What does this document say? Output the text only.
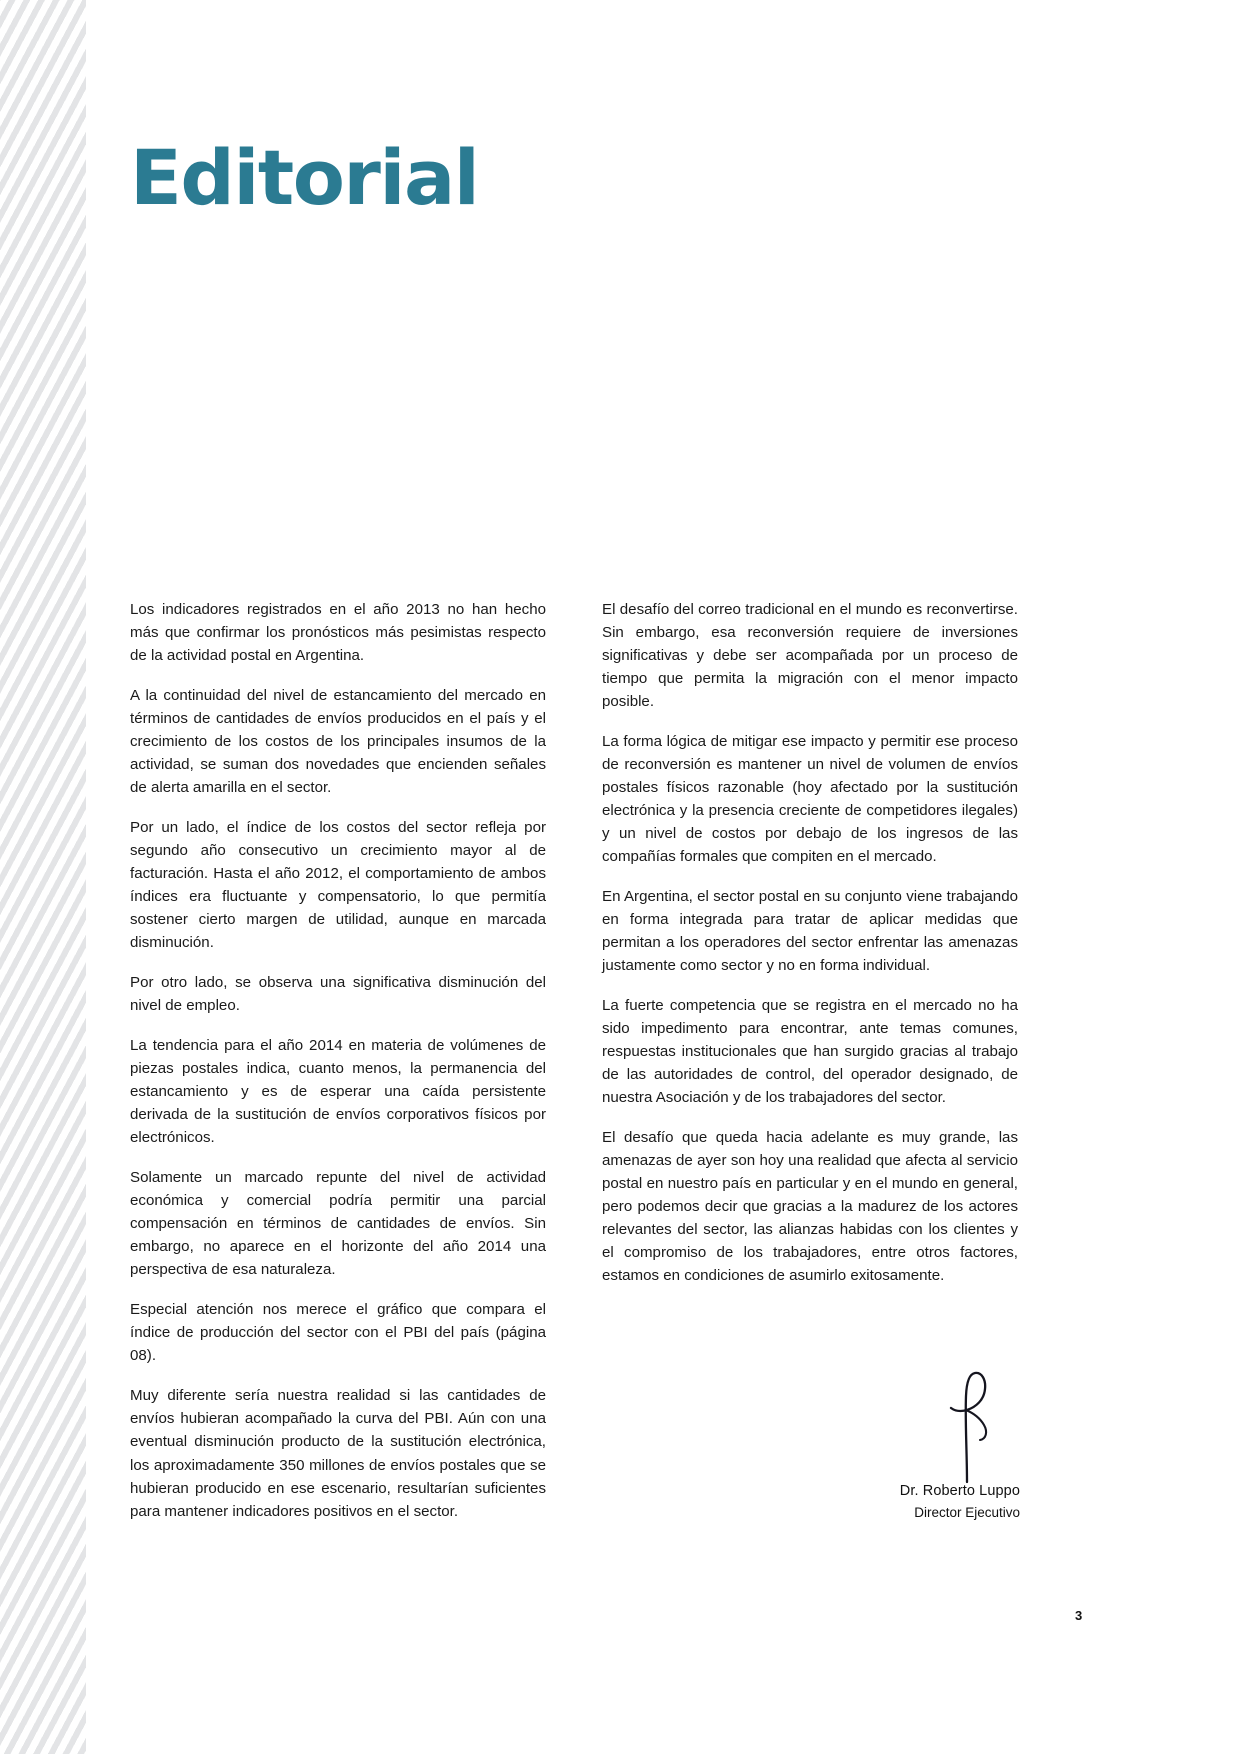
Editorial

Los indicadores registrados en el año 2013 no han hecho más que confirmar los pronósticos más pesimistas respecto de la actividad postal en Argentina.

A la continuidad del nivel de estancamiento del mercado en términos de cantidades de envíos producidos en el país y el crecimiento de los costos de los principales insumos de la actividad, se suman dos novedades que encienden señales de alerta amarilla en el sector.

Por un lado, el índice de los costos del sector refleja por segundo año consecutivo un crecimiento mayor al de facturación. Hasta el año 2012, el comportamiento de ambos índices era fluctuante y compensatorio, lo que permitía sostener cierto margen de utilidad, aunque en marcada disminución.

Por otro lado, se observa una significativa disminución del nivel de empleo.

La tendencia para el año 2014 en materia de volúmenes de piezas postales indica, cuanto menos, la permanencia del estancamiento y es de esperar una caída persistente derivada de la sustitución de envíos corporativos físicos por electrónicos.

Solamente un marcado repunte del nivel de actividad económica y comercial podría permitir una parcial compensación en términos de cantidades de envíos. Sin embargo, no aparece en el horizonte del año 2014 una perspectiva de esa naturaleza.

Especial atención nos merece el gráfico que compara el índice de producción del sector con el PBI del país (página 08).

Muy diferente sería nuestra realidad si las cantidades de envíos hubieran acompañado la curva del PBI. Aún con una eventual disminución producto de la sustitución electrónica, los aproximadamente 350 millones de envíos postales que se hubieran producido en ese escenario, resultarían suficientes para mantener indicadores positivos en el sector.

El desafío del correo tradicional en el mundo es reconvertirse. Sin embargo, esa reconversión requiere de inversiones significativas y debe ser acompañada por un proceso de tiempo que permita la migración con el menor impacto posible.

La forma lógica de mitigar ese impacto y permitir ese proceso de reconversión es mantener un nivel de volumen de envíos postales físicos razonable (hoy afectado por la sustitución electrónica y la presencia creciente de competidores ilegales) y un nivel de costos por debajo de los ingresos de las compañías formales que compiten en el mercado.

En Argentina, el sector postal en su conjunto viene trabajando en forma integrada para tratar de aplicar medidas que permitan a los operadores del sector enfrentar las amenazas justamente como sector y no en forma individual.

La fuerte competencia que se registra en el mercado no ha sido impedimento para encontrar, ante temas comunes, respuestas institucionales que han surgido gracias al trabajo de las autoridades de control, del operador designado, de nuestra Asociación y de los trabajadores del sector.

El desafío que queda hacia adelante es muy grande, las amenazas de ayer son hoy una realidad que afecta al servicio postal en nuestro país en particular y en el mundo en general, pero podemos decir que gracias a la madurez de los actores relevantes del sector, las alianzas habidas con los clientes y el compromiso de los trabajadores, entre otros factores, estamos en condiciones de asumirlo exitosamente.

Dr. Roberto Luppo
Director Ejecutivo
3
